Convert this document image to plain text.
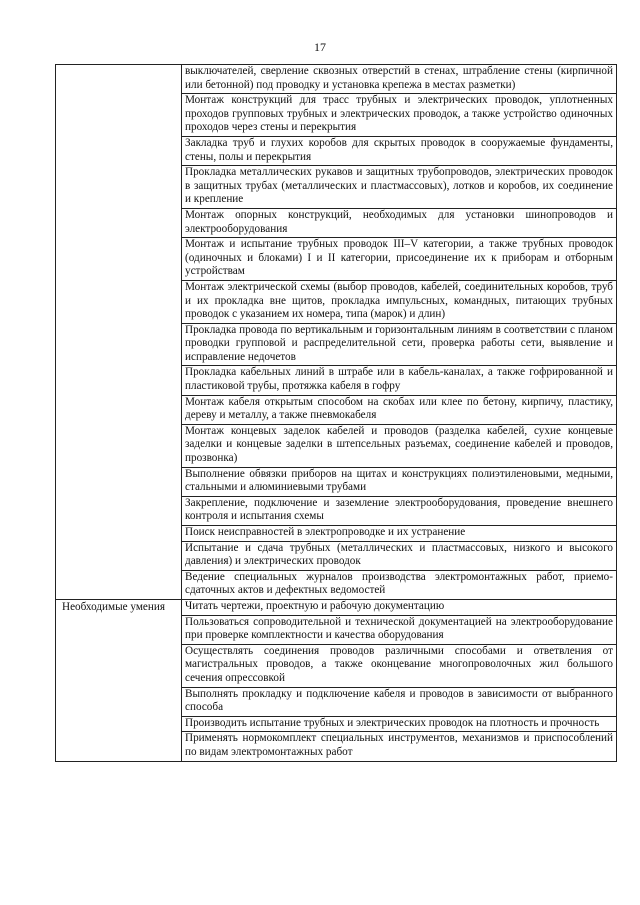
17
	выключателей, сверление сквозных отверстий в стенах, штрабление стены (кирпичной или бетонной) под проводку и установка крепежа в местах разметки)
	Монтаж конструкций для трасс трубных и электрических проводок, уплотненных проходов групповых трубных и электрических проводок, а также устройство одиночных проходов через стены и перекрытия
	Закладка труб и глухих коробов для скрытых проводок в сооружаемые фундаменты, стены, полы и перекрытия
	Прокладка металлических рукавов и защитных трубопроводов, электрических проводок в защитных трубах (металлических и пластмассовых), лотков и коробов, их соединение и крепление
	Монтаж опорных конструкций, необходимых для установки шинопроводов и электрооборудования
	Монтаж и испытание трубных проводок III–V категории, а также трубных проводок (одиночных и блоками) I и II категории, присоединение их к приборам и отборным устройствам
	Монтаж электрической схемы (выбор проводов, кабелей, соединительных коробов, труб и их прокладка вне щитов, прокладка импульсных, командных, питающих трубных проводок с указанием их номера, типа (марок) и длин)
	Прокладка провода по вертикальным и горизонтальным линиям в соответствии с планом проводки групповой и распределительной сети, проверка работы сети, выявление и исправление недочетов
	Прокладка кабельных линий в штрабе или в кабель-каналах, а также гофрированной и пластиковой трубы, протяжка кабеля в гофру
	Монтаж кабеля открытым способом на скобах или клее по бетону, кирпичу, пластику, дереву и металлу, а также пневмокабеля
	Монтаж концевых заделок кабелей и проводов (разделка кабелей, сухие концевые заделки и концевые заделки в штепсельных разъемах, соединение кабелей и проводов, прозвонка)
	Выполнение обвязки приборов на щитах и конструкциях полиэтиленовыми, медными, стальными и алюминиевыми трубами
	Закрепление, подключение и заземление электрооборудования, проведение внешнего контроля и испытания схемы
	Поиск неисправностей в электропроводке и их устранение
	Испытание и сдача трубных (металлических и пластмассовых, низкого и высокого давления) и электрических проводок
	Ведение специальных журналов производства электромонтажных работ, приемо-сдаточных актов и дефектных ведомостей
Необходимые умения	Читать чертежи, проектную и рабочую документацию
	Пользоваться сопроводительной и технической документацией на электрооборудование при проверке комплектности и качества оборудования
	Осуществлять соединения проводов различными способами и ответвления от магистральных проводов, а также оконцевание многопроволочных жил большого сечения опрессовкой
	Выполнять прокладку и подключение кабеля и проводов в зависимости от выбранного способа
	Производить испытание трубных и электрических проводок на плотность и прочность
	Применять нормокомплект специальных инструментов, механизмов и приспособлений по видам электромонтажных работ
